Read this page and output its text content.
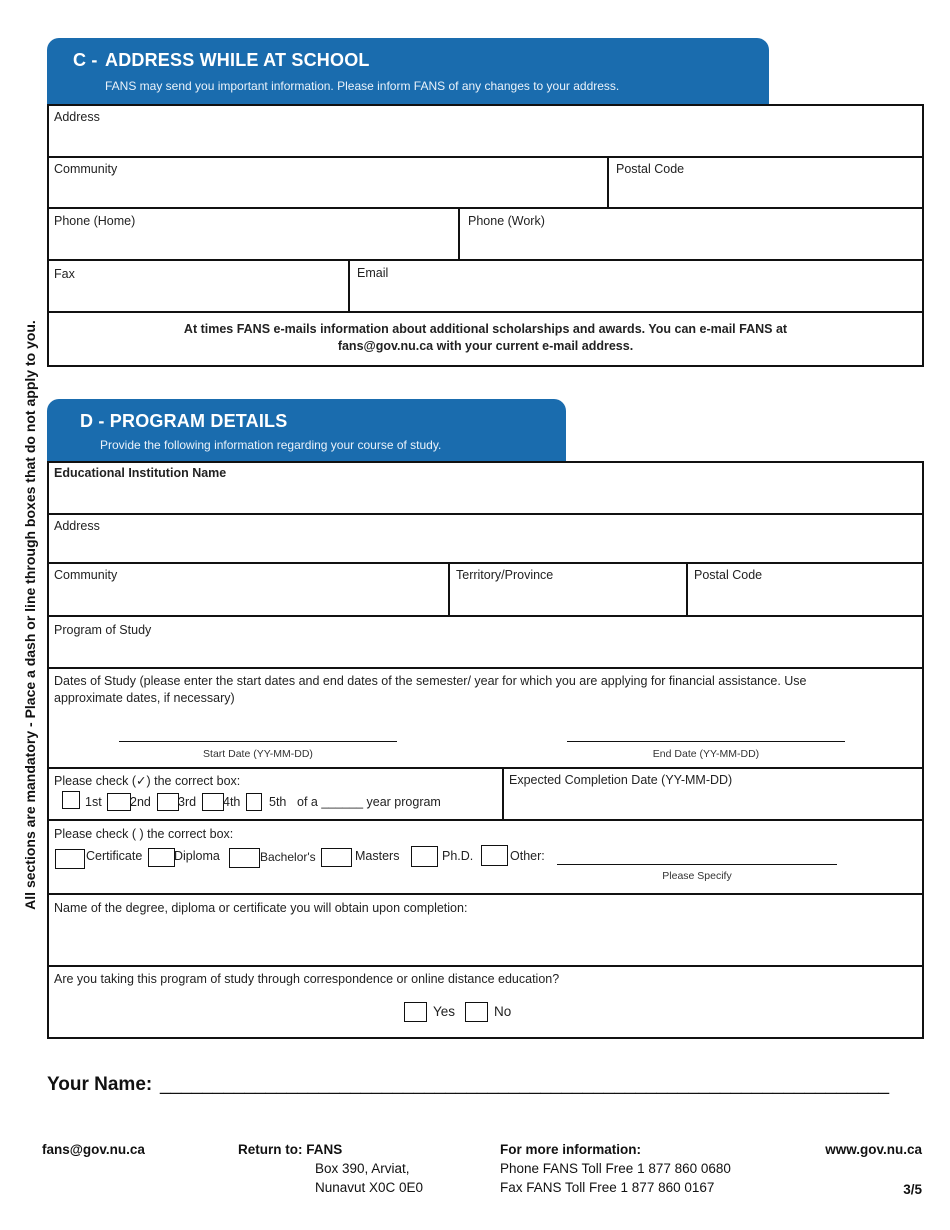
All sections are mandatory - Place a dash or line through boxes that do not apply to you.
C - ADDRESS WHILE AT SCHOOL
FANS may send you important information. Please inform FANS of any changes to your address.
Address
Community	Postal Code
Phone (Home)	Phone (Work)
Fax	Email
At times FANS e-mails information about additional scholarships and awards. You can e-mail FANS at
fans@gov.nu.ca with your current e-mail address.
D - PROGRAM DETAILS
Provide the following information regarding your course of study.
Educational Institution Name
Address
Community	Territory/Province	Postal Code
Program of Study
Dates of Study (please enter the start dates and end dates of the semester/ year for which you are applying for financial assistance. Use
approximate dates, if necessary)
Start Date (YY-MM-DD)	End Date (YY-MM-DD)
Please check (✓) the correct box:
1st 2nd 3rd 4th 5th of a ______ year program
Expected Completion Date (YY-MM-DD)
Please check ( ) the correct box:
Certificate	Diploma	Bachelor's	Masters	Ph.D.	Other:
Please Specify
Name of the degree, diploma or certificate you will obtain upon completion:
Are you taking this program of study through correspondence or online distance education?
Yes	No
Your Name: _____________________________________________________________________
fans@gov.nu.ca	Return to: FANS
Box 390, Arviat,
Nunavut X0C 0E0
For more information:
Phone FANS Toll Free 1 877 860 0680
Fax FANS Toll Free 1 877 860 0167
www.gov.nu.ca
3/5
